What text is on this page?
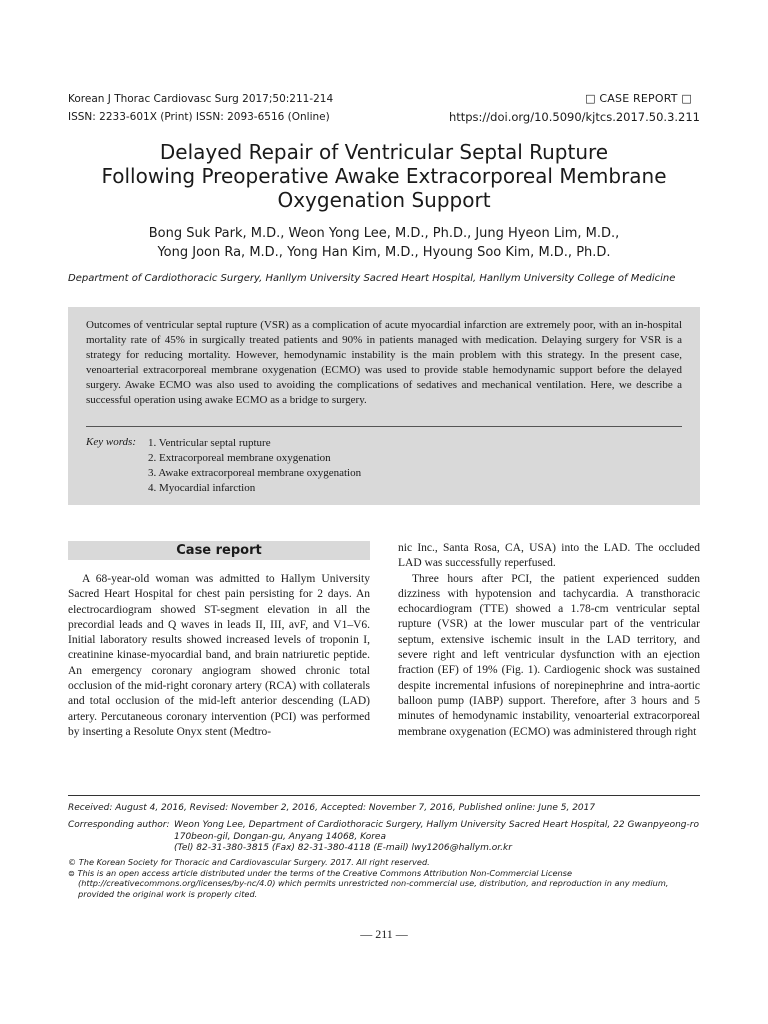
Korean J Thorac Cardiovasc Surg 2017;50:211-214	□ CASE REPORT □
ISSN: 2233-601X (Print) ISSN: 2093-6516 (Online)	https://doi.org/10.5090/kjtcs.2017.50.3.211
Delayed Repair of Ventricular Septal Rupture
Following Preoperative Awake Extracorporeal Membrane
Oxygenation Support
Bong Suk Park, M.D., Weon Yong Lee, M.D., Ph.D., Jung Hyeon Lim, M.D.,
Yong Joon Ra, M.D., Yong Han Kim, M.D., Hyoung Soo Kim, M.D., Ph.D.
Department of Cardiothoracic Surgery, Hanllym University Sacred Heart Hospital, Hanllym University College of Medicine
Outcomes of ventricular septal rupture (VSR) as a complication of acute myocardial infarction are extremely poor, with an in-hospital mortality rate of 45% in surgically treated patients and 90% in patients managed with medication. Delaying surgery for VSR is a strategy for reducing mortality. However, hemodynamic instability is the main problem with this strategy. In the present case, venoarterial extracorporeal membrane oxygenation (ECMO) was used to provide stable hemodynamic support before the delayed surgery. Awake ECMO was also used to avoiding the complications of sedatives and mechanical ventilation. Here, we describe a successful operation using awake ECMO as a bridge to surgery.
Key words: 1. Ventricular septal rupture
2. Extracorporeal membrane oxygenation
3. Awake extracorporeal membrane oxygenation
4. Myocardial infarction
Case report

A 68-year-old woman was admitted to Hallym University Sacred Heart Hospital for chest pain persisting for 2 days. An electrocardiogram showed ST-segment elevation in all the precordial leads and Q waves in leads II, III, avF, and V1–V6. Initial laboratory results showed increased levels of troponin I, creatinine kinase-myocardial band, and brain natriuretic peptide. An emergency coronary angiogram showed chronic total occlusion of the mid-right coronary artery (RCA) with collaterals and total occlusion of the mid-left anterior descending (LAD) artery. Percutaneous coronary intervention (PCI) was performed by inserting a Resolute Onyx stent (Medtro-

nic Inc., Santa Rosa, CA, USA) into the LAD. The occluded LAD was successfully reperfused.

Three hours after PCI, the patient experienced sudden dizziness with hypotension and tachycardia. A transthoracic echocardiogram (TTE) showed a 1.78-cm ventricular septal rupture (VSR) at the lower muscular part of the ventricular septum, extensive ischemic insult in the LAD territory, and severe right and left ventricular dysfunction with an ejection fraction (EF) of 19% (Fig. 1). Cardiogenic shock was sustained despite incremental infusions of norepinephrine and intra-aortic balloon pump (IABP) support. Therefore, after 3 hours and 5 minutes of hemodynamic instability, venoarterial extracorporeal membrane oxygenation (ECMO) was administered through right

Received: August 4, 2016, Revised: November 2, 2016, Accepted: November 7, 2016, Published online: June 5, 2017
Corresponding author: Weon Yong Lee, Department of Cardiothoracic Surgery, Hallym University Sacred Heart Hospital, 22 Gwanpyeong-ro
170beon-gil, Dongan-gu, Anyang 14068, Korea
(Tel) 82-31-380-3815 (Fax) 82-31-380-4118 (E-mail) lwy1206@hallym.or.kr
© The Korean Society for Thoracic and Cardiovascular Surgery. 2017. All right reserved.
⊜ This is an open access article distributed under the terms of the Creative Commons Attribution Non-Commercial License (http://creativecommons.org/licenses/by-nc/4.0) which permits unrestricted non-commercial use, distribution, and reproduction in any medium, provided the original work is properly cited.
— 211 —
